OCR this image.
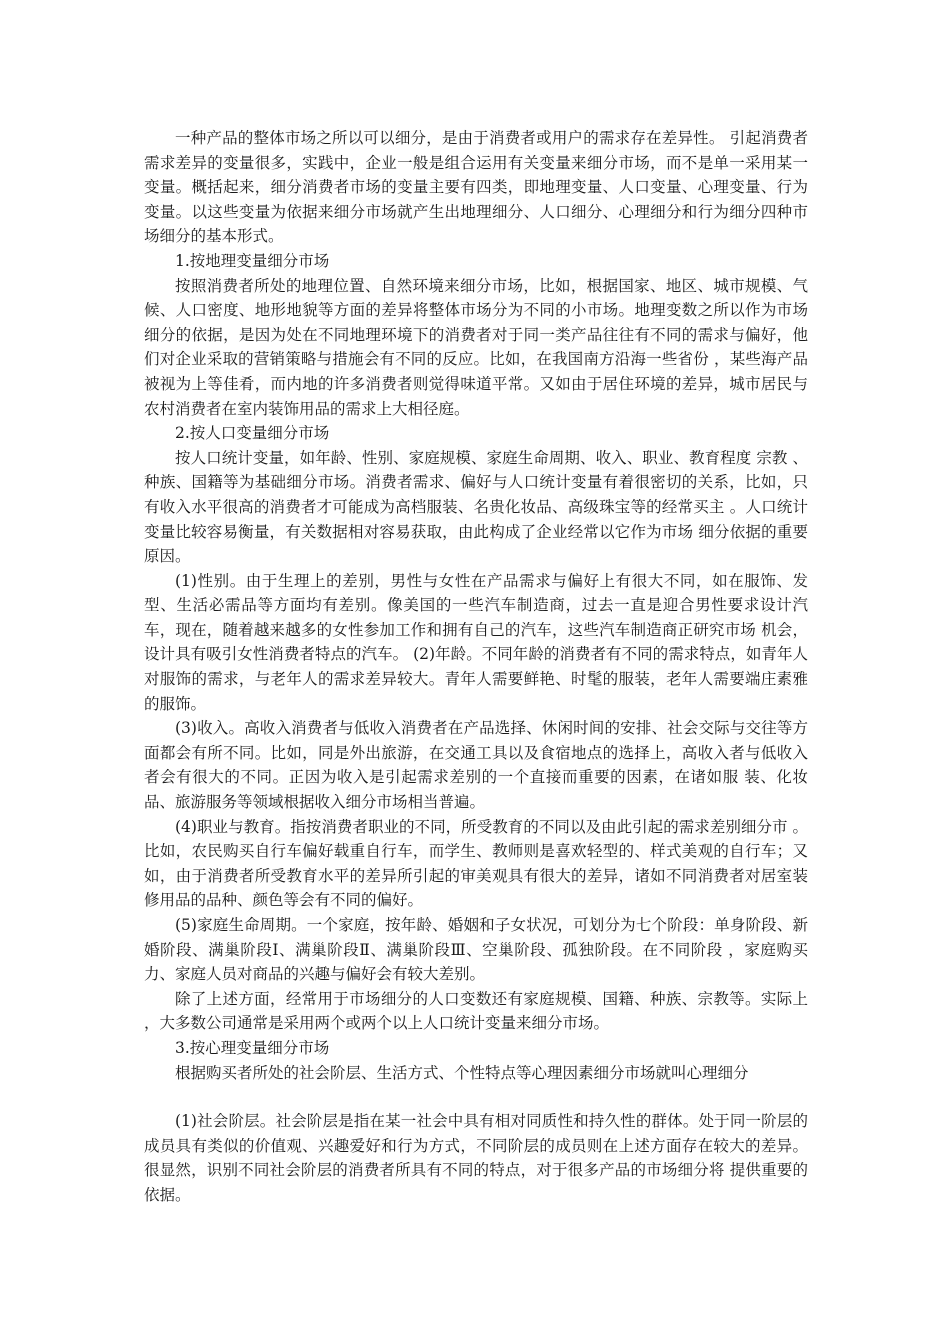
一种产品的整体市场之所以可以细分，是由于消费者或用户的需求存在差异性。 引起消费者需求差异的变量很多，实践中，企业一般是组合运用有关变量来细分市场，而不是单一采用某一变量。概括起来，细分消费者市场的变量主要有四类，即地理变量、人口变量、心理变量、行为变量。以这些变量为依据来细分市场就产生出地理细分、人口细分、心理细分和行为细分四种市场细分的基本形式。

1.按地理变量细分市场

按照消费者所处的地理位置、自然环境来细分市场，比如，根据国家、地区、城市规模、气候、人口密度、地形地貌等方面的差异将整体市场分为不同的小市场。地理变数之所以作为市场细分的依据，是因为处在不同地理环境下的消费者对于同一类产品往往有不同的需求与偏好，他们对企业采取的营销策略与措施会有不同的反应。比如，在我国南方沿海一些省份 ，某些海产品被视为上等佳肴，而内地的许多消费者则觉得味道平常。又如由于居住环境的差异，城市居民与农村消费者在室内装饰用品的需求上大相径庭。

2.按人口变量细分市场

按人口统计变量，如年龄、性别、家庭规模、家庭生命周期、收入、职业、教育程度 宗教 、种族、国籍等为基础细分市场。消费者需求、偏好与人口统计变量有着很密切的关系，比如，只有收入水平很高的消费者才可能成为高档服装、名贵化妆品、高级珠宝等的经常买主 。人口统计变量比较容易衡量，有关数据相对容易获取，由此构成了企业经常以它作为市场 细分依据的重要原因。

(1)性别。由于生理上的差别，男性与女性在产品需求与偏好上有很大不同，如在服饰、发 型、生活必需品等方面均有差别。像美国的一些汽车制造商，过去一直是迎合男性要求设计汽车，现在，随着越来越多的女性参加工作和拥有自己的汽车，这些汽车制造商正研究市场 机会，设计具有吸引女性消费者特点的汽车。 (2)年龄。不同年龄的消费者有不同的需求特点，如青年人对服饰的需求，与老年人的需求差异较大。青年人需要鲜艳、时髦的服装，老年人需要端庄素雅的服饰。

(3)收入。高收入消费者与低收入消费者在产品选择、休闲时间的安排、社会交际与交往等方面都会有所不同。比如，同是外出旅游，在交通工具以及食宿地点的选择上，高收入者与低收入者会有很大的不同。正因为收入是引起需求差别的一个直接而重要的因素，在诸如服 装、化妆品、旅游服务等领域根据收入细分市场相当普遍。

(4)职业与教育。指按消费者职业的不同，所受教育的不同以及由此引起的需求差别细分市 。比如，农民购买自行车偏好载重自行车，而学生、教师则是喜欢轻型的、样式美观的自行车；又如，由于消费者所受教育水平的差异所引起的审美观具有很大的差异，诸如不同消费者对居室装修用品的品种、颜色等会有不同的偏好。

(5)家庭生命周期。一个家庭，按年龄、婚姻和子女状况，可划分为七个阶段：单身阶段、新婚阶段、满巢阶段Ⅰ、满巢阶段Ⅱ、满巢阶段Ⅲ、空巢阶段、孤独阶段。在不同阶段 ，家庭购买力、家庭人员对商品的兴趣与偏好会有较大差别。

除了上述方面，经常用于市场细分的人口变数还有家庭规模、国籍、种族、宗教等。实际上 ，大多数公司通常是采用两个或两个以上人口统计变量来细分市场。

3.按心理变量细分市场

根据购买者所处的社会阶层、生活方式、个性特点等心理因素细分市场就叫心理细分

(1)社会阶层。社会阶层是指在某一社会中具有相对同质性和持久性的群体。处于同一阶层的成员具有类似的价值观、兴趣爱好和行为方式，不同阶层的成员则在上述方面存在较大的差异。很显然，识别不同社会阶层的消费者所具有不同的特点，对于很多产品的市场细分将 提供重要的依据。
